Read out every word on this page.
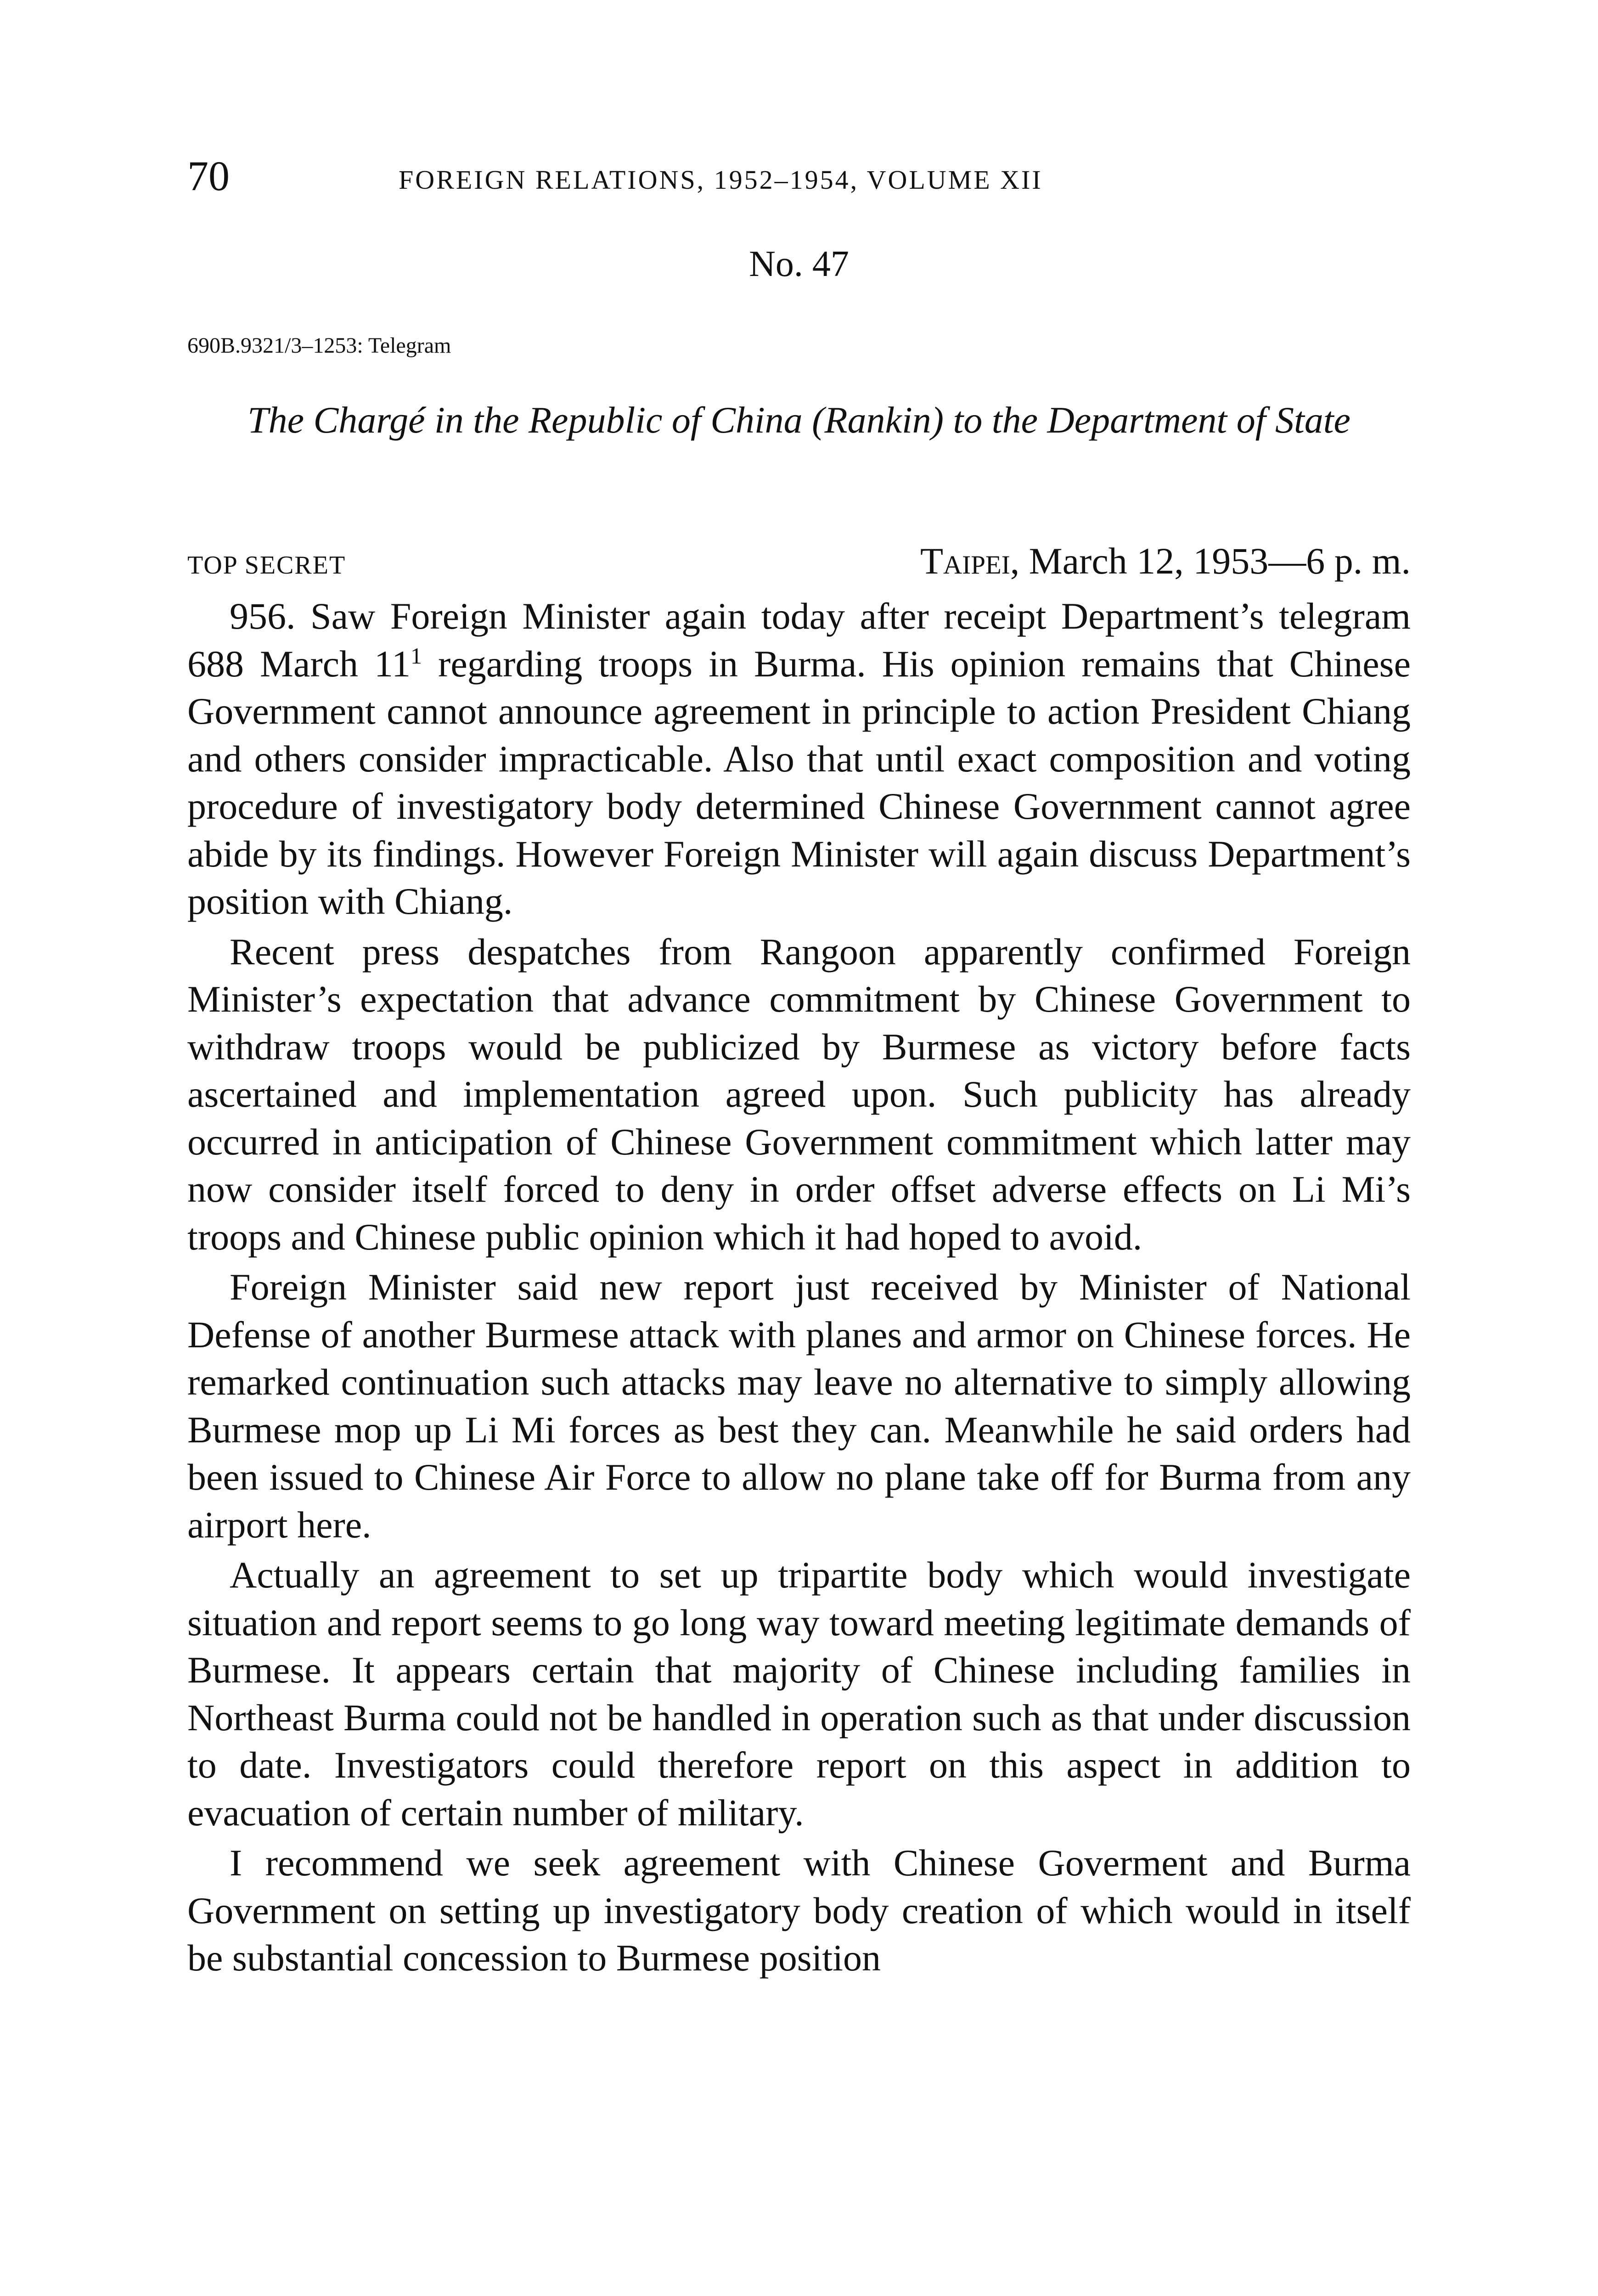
70	FOREIGN RELATIONS, 1952–1954, VOLUME XII
No. 47
690B.9321/3–1253: Telegram
The Chargé in the Republic of China (Rankin) to the Department of State
TOP SECRET	Taipei, March 12, 1953—6 p. m.

956. Saw Foreign Minister again today after receipt Department’s telegram 688 March $11^1$ regarding troops in Burma. His opinion remains that Chinese Government cannot announce agreement in principle to action President Chiang and others consider impracticable. Also that until exact composition and voting procedure of investigatory body determined Chinese Government cannot agree abide by its findings. However Foreign Minister will again discuss Department’s position with Chiang.

Recent press despatches from Rangoon apparently confirmed Foreign Minister’s expectation that advance commitment by Chinese Government to withdraw troops would be publicized by Burmese as victory before facts ascertained and implementation agreed upon. Such publicity has already occurred in anticipation of Chinese Government commitment which latter may now consider itself forced to deny in order offset adverse effects on Li Mi’s troops and Chinese public opinion which it had hoped to avoid.

Foreign Minister said new report just received by Minister of National Defense of another Burmese attack with planes and armor on Chinese forces. He remarked continuation such attacks may leave no alternative to simply allowing Burmese mop up Li Mi forces as best they can. Meanwhile he said orders had been issued to Chinese Air Force to allow no plane take off for Burma from any airport here.

Actually an agreement to set up tripartite body which would investigate situation and report seems to go long way toward meeting legitimate demands of Burmese. It appears certain that majority of Chinese including families in Northeast Burma could not be handled in operation such as that under discussion to date. Investigators could therefore report on this aspect in addition to evacuation of certain number of military.

I recommend we seek agreement with Chinese Goverment and Burma Government on setting up investigatory body creation of which would in itself be substantial concession to Burmese position
